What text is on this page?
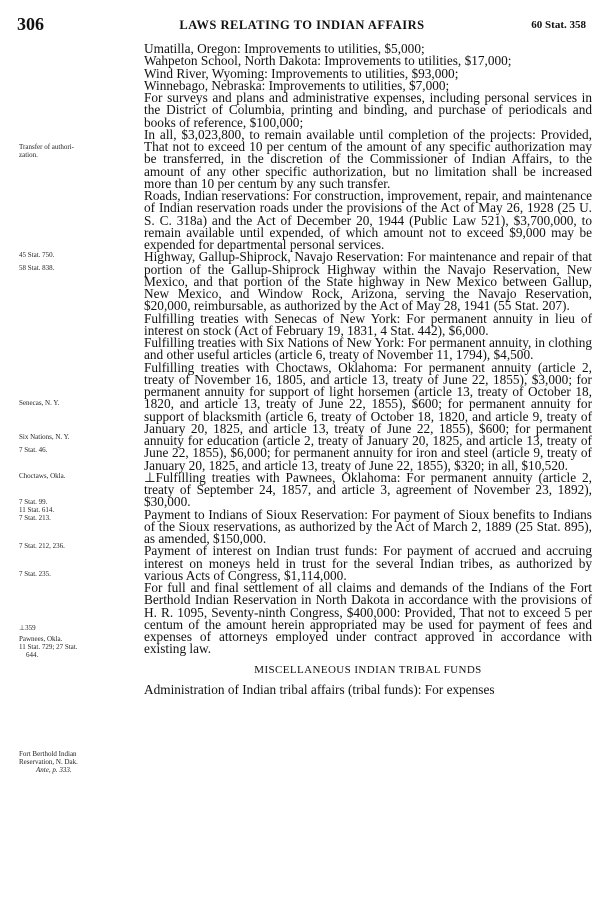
306	LAWS RELATING TO INDIAN AFFAIRS	60 Stat. 358
Transfer of authori-
zation.
45 Stat. 750.
58 Stat. 838.
Senecas, N. Y.
Six Nations, N. Y.
7 Stat. 46.
Choctaws, Okla.
7 Stat. 99.
11 Stat. 614.
7 Stat. 213.
7 Stat. 212, 236.
7 Stat. 235.
⊥359
Pawnees, Okla.
11 Stat. 729; 27 Stat.
644.
Fort Berthold Indian
Reservation, N. Dak.
Ante, p. 333.

Umatilla, Oregon: Improvements to utilities, $5,000;

Wahpeton School, North Dakota: Improvements to utilities, $17,000;

Wind River, Wyoming: Improvements to utilities, $93,000;

Winnebago, Nebraska: Improvements to utilities, $7,000;

For surveys and plans and administrative expenses, including personal services in the District of Columbia, printing and binding, and purchase of periodicals and books of reference, $100,000;

In all, $3,023,800, to remain available until completion of the projects: Provided, That not to exceed 10 per centum of the amount of any specific authorization may be transferred, in the discretion of the Commissioner of Indian Affairs, to the amount of any other specific authorization, but no limitation shall be increased more than 10 per centum by any such transfer.

Roads, Indian reservations: For construction, improvement, repair, and maintenance of Indian reservation roads under the provisions of the Act of May 26, 1928 (25 U. S. C. 318a) and the Act of December 20, 1944 (Public Law 521), $3,700,000, to remain available until expended, of which amount not to exceed $9,000 may be expended for departmental personal services.

Highway, Gallup-Shiprock, Navajo Reservation: For maintenance and repair of that portion of the Gallup-Shiprock Highway within the Navajo Reservation, New Mexico, and that portion of the State highway in New Mexico between Gallup, New Mexico, and Window Rock, Arizona, serving the Navajo Reservation, $20,000, reimbursable, as authorized by the Act of May 28, 1941 (55 Stat. 207).

Fulfilling treaties with Senecas of New York: For permanent annuity in lieu of interest on stock (Act of February 19, 1831, 4 Stat. 442), $6,000.

Fulfilling treaties with Six Nations of New York: For permanent annuity, in clothing and other useful articles (article 6, treaty of November 11, 1794), $4,500.

Fulfilling treaties with Choctaws, Oklahoma: For permanent annuity (article 2, treaty of November 16, 1805, and article 13, treaty of June 22, 1855), $3,000; for permanent annuity for support of light horsemen (article 13, treaty of October 18, 1820, and article 13, treaty of June 22, 1855), $600; for permanent annuity for support of blacksmith (article 6, treaty of October 18, 1820, and article 9, treaty of January 20, 1825, and article 13, treaty of June 22, 1855), $600; for permanent annuity for education (article 2, treaty of January 20, 1825, and article 13, treaty of June 22, 1855), $6,000; for permanent annuity for iron and steel (article 9, treaty of January 20, 1825, and article 13, treaty of June 22, 1855), $320; in all, $10,520.

⊥Fulfilling treaties with Pawnees, Oklahoma: For permanent annuity (article 2, treaty of September 24, 1857, and article 3, agreement of November 23, 1892), $30,000.

Payment to Indians of Sioux Reservation: For payment of Sioux benefits to Indians of the Sioux reservations, as authorized by the Act of March 2, 1889 (25 Stat. 895), as amended, $150,000.

Payment of interest on Indian trust funds: For payment of accrued and accruing interest on moneys held in trust for the several Indian tribes, as authorized by various Acts of Congress, $1,114,000.

For full and final settlement of all claims and demands of the Indians of the Fort Berthold Indian Reservation in North Dakota in accordance with the provisions of H. R. 1095, Seventy-ninth Congress, $400,000: Provided, That not to exceed 5 per centum of the amount herein appropriated may be used for payment of fees and expenses of attorneys employed under contract approved in accordance with existing law.

MISCELLANEOUS INDIAN TRIBAL FUNDS

Administration of Indian tribal affairs (tribal funds): For expenses
